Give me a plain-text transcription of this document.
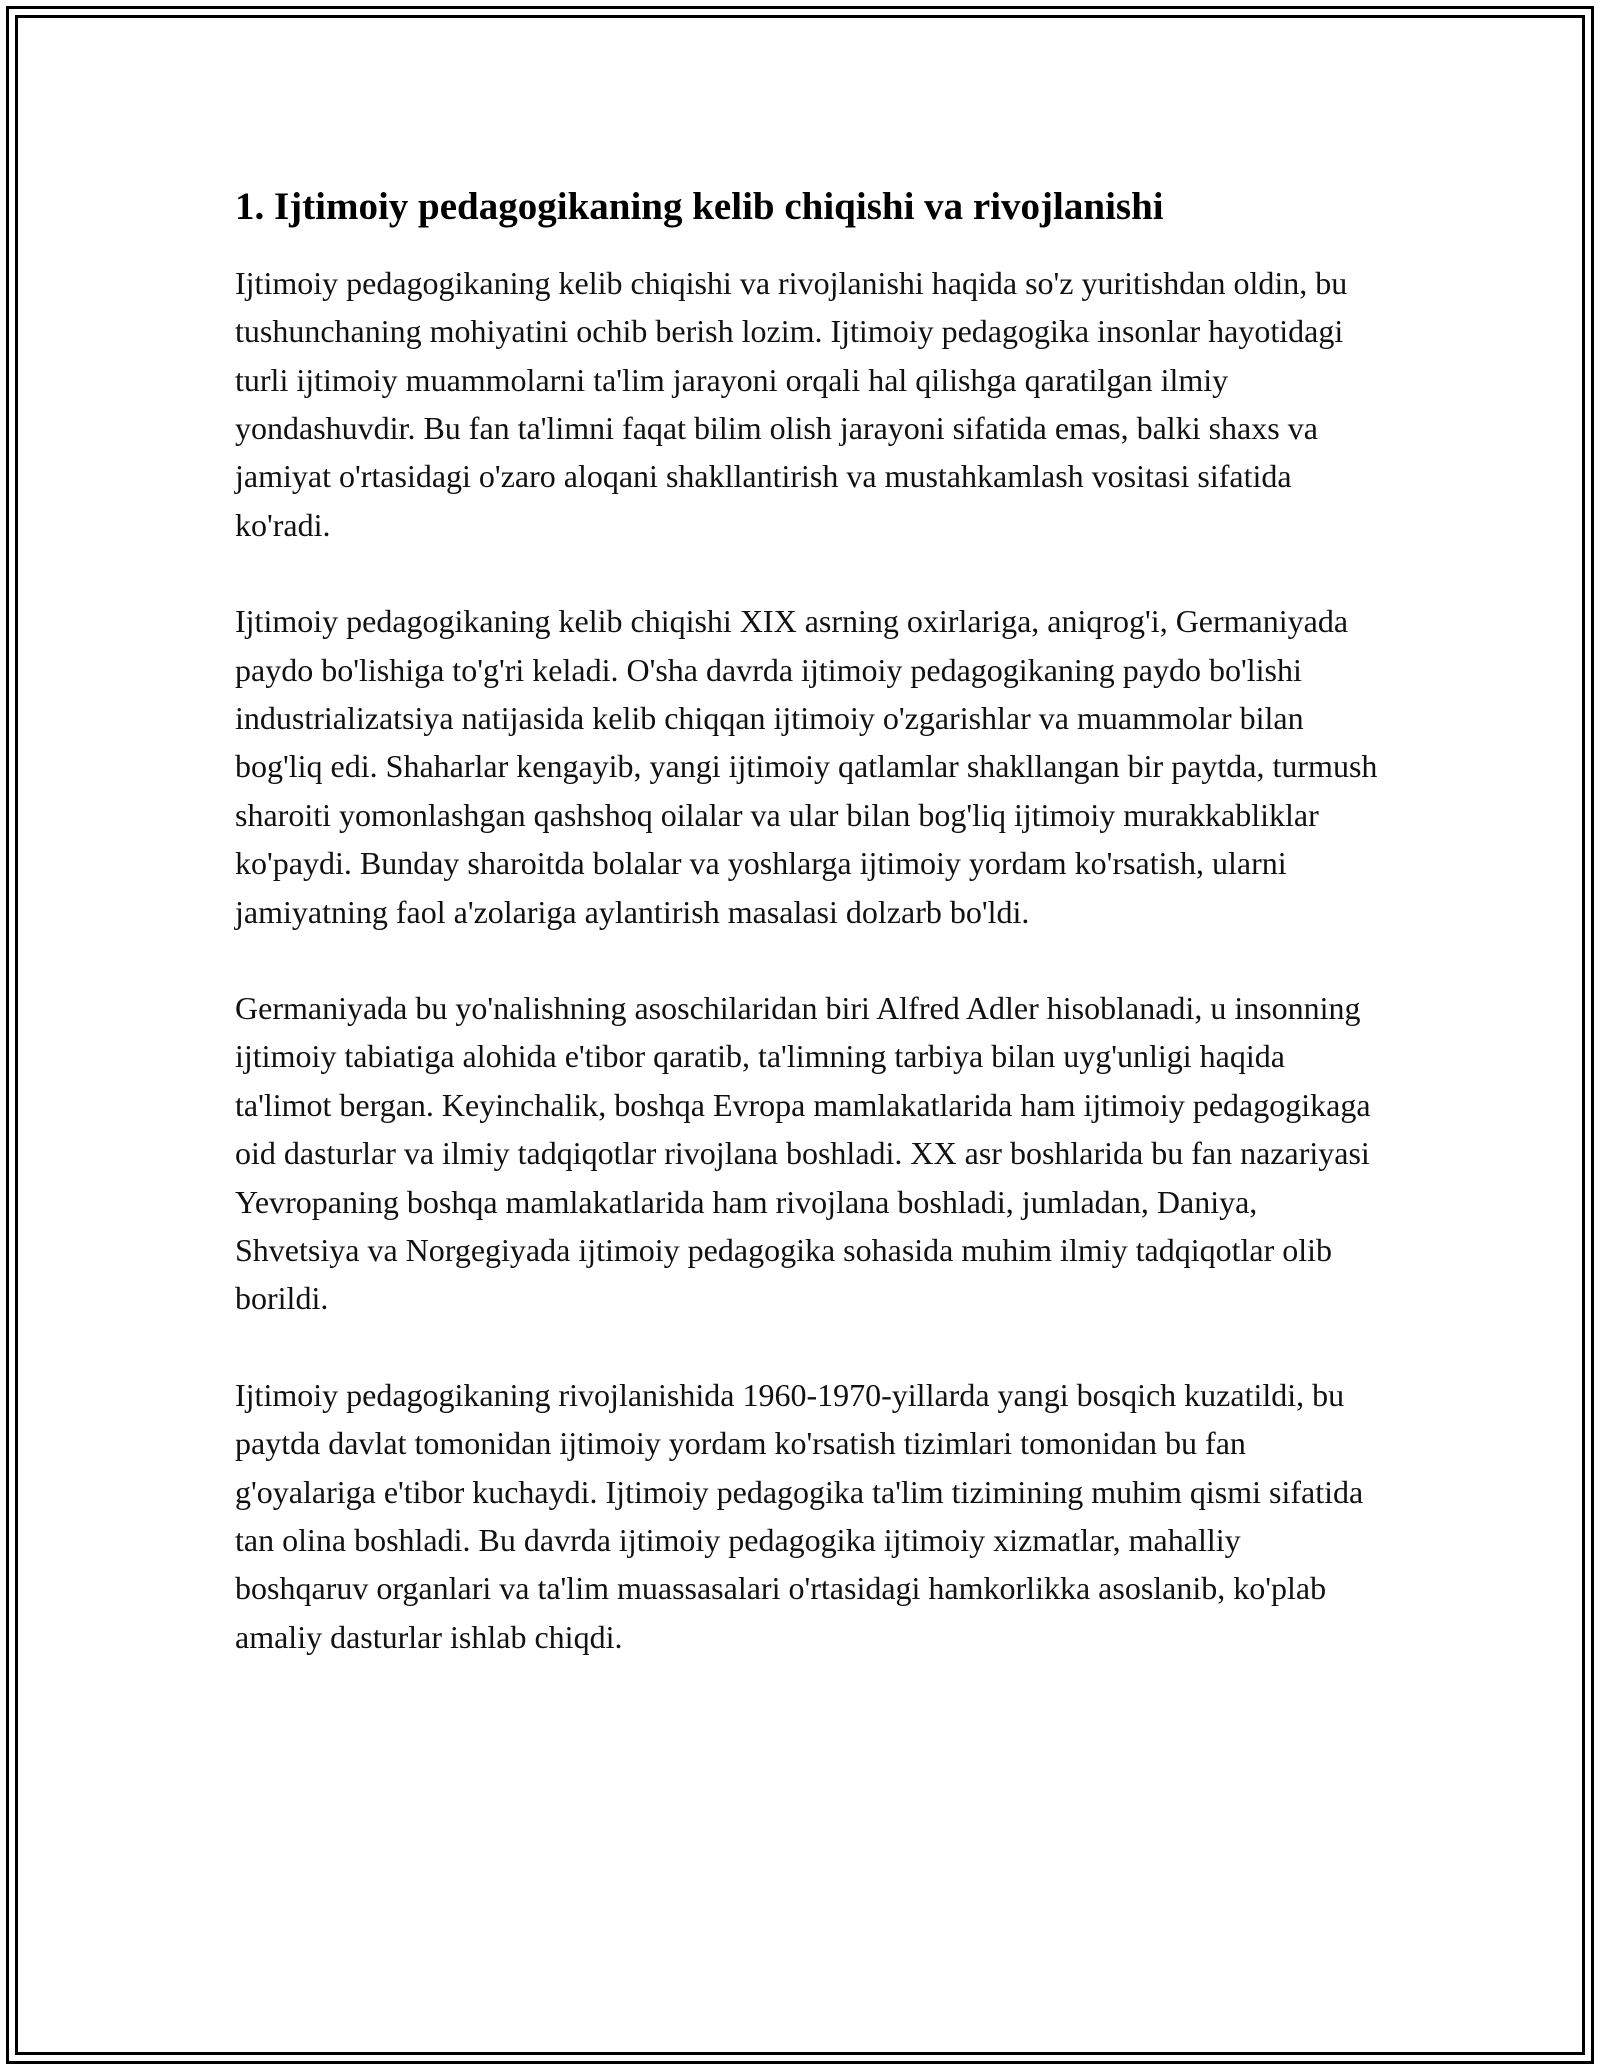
1. Ijtimoiy pedagogikaning kelib chiqishi va rivojlanishi

Ijtimoiy pedagogikaning kelib chiqishi va rivojlanishi haqida so'z yuritishdan oldin, bu tushunchaning mohiyatini ochib berish lozim. Ijtimoiy pedagogika insonlar hayotidagi turli ijtimoiy muammolarni ta'lim jarayoni orqali hal qilishga qaratilgan ilmiy yondashuvdir. Bu fan ta'limni faqat bilim olish jarayoni sifatida emas, balki shaxs va jamiyat o'rtasidagi o'zaro aloqani shakllantirish va mustahkamlash vositasi sifatida ko'radi.

Ijtimoiy pedagogikaning kelib chiqishi XIX asrning oxirlariga, aniqrog'i, Germaniyada paydo bo'lishiga to'g'ri keladi. O'sha davrda ijtimoiy pedagogikaning paydo bo'lishi industrializatsiya natijasida kelib chiqqan ijtimoiy o'zgarishlar va muammolar bilan bog'liq edi. Shaharlar kengayib, yangi ijtimoiy qatlamlar shakllangan bir paytda, turmush sharoiti yomonlashgan qashshoq oilalar va ular bilan bog'liq ijtimoiy murakkabliklar ko'paydi. Bunday sharoitda bolalar va yoshlarga ijtimoiy yordam ko'rsatish, ularni jamiyatning faol a'zolariga aylantirish masalasi dolzarb bo'ldi.

Germaniyada bu yo'nalishning asoschilaridan biri Alfred Adler hisoblanadi, u insonning ijtimoiy tabiatiga alohida e'tibor qaratib, ta'limning tarbiya bilan uyg'unligi haqida ta'limot bergan. Keyinchalik, boshqa Evropa mamlakatlarida ham ijtimoiy pedagogikaga oid dasturlar va ilmiy tadqiqotlar rivojlana boshladi. XX asr boshlarida bu fan nazariyasi Yevropaning boshqa mamlakatlarida ham rivojlana boshladi, jumladan, Daniya, Shvetsiya va Norgegiyada ijtimoiy pedagogika sohasida muhim ilmiy tadqiqotlar olib borildi.

Ijtimoiy pedagogikaning rivojlanishida 1960-1970-yillarda yangi bosqich kuzatildi, bu paytda davlat tomonidan ijtimoiy yordam ko'rsatish tizimlari tomonidan bu fan g'oyalariga e'tibor kuchaydi. Ijtimoiy pedagogika ta'lim tizimining muhim qismi sifatida tan olina boshladi. Bu davrda ijtimoiy pedagogika ijtimoiy xizmatlar, mahalliy boshqaruv organlari va ta'lim muassasalari o'rtasidagi hamkorlikka asoslanib, ko'plab amaliy dasturlar ishlab chiqdi.
